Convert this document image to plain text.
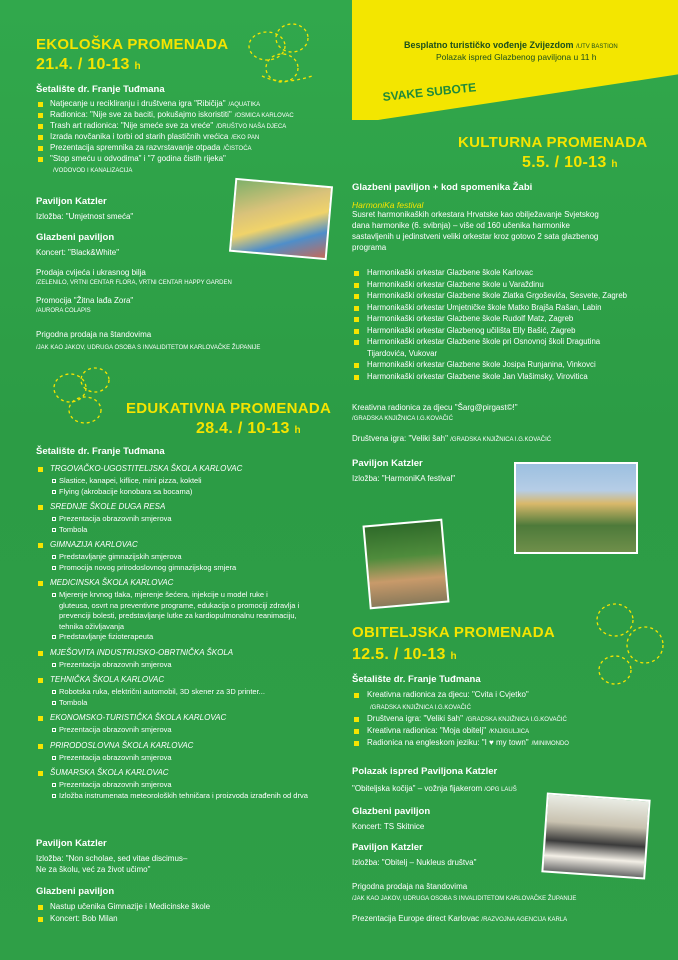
Besplatno turističko vođenje Zvijezdom /UTV BASTION
Polazak ispred Glazbenog paviljona u 11 h
SVAKE SUBOTE
EKOLOŠKA PROMENADA
21.4. / 10-13 h
Šetalište dr. Franje Tuđmana
Natjecanje u recikliranju i društvena igra "Ribičija" /AQUATIKA
Radionica: "Nije sve za baciti, pokušajmo iskoristiti" /OSMICA KARLOVAC
Trash art radionica: "Nije smeće sve za vreće" /DRUŠTVO NAŠA DJECA
Izrada novčanika i torbi od starih plastičnih vrećica /EKO PAN
Prezentacija spremnika za razvrstavanje otpada /ČISTOĆA
"Stop smeću u odvodima" i "7 godina čistih rijeka"
/VODOVOD I KANALIZACIJA
Paviljon Katzler
Izložba: "Umjetnost smeća"
Glazbeni paviljon
Koncert: "Black&White"
Prodaja cvijeća i ukrasnog bilja
/ZELENILO, VRTNI CENTAR FLORA, VRTNI CENTAR HAPPY GARDEN
Promocija "Žitna lađa Zora"
/AURORA COLAPIS
Prigodna prodaja na štandovima
/JAK KAO JAKOV, UDRUGA OSOBA S INVALIDITETOM KARLOVAČKE ŽUPANIJE
EDUKATIVNA PROMENADA
28.4. / 10-13 h
Šetalište dr. Franje Tuđmana
TRGOVAČKO-UGOSTITELJSKA ŠKOLA KARLOVAC
Slastice, kanapei, kiflice, mini pizza, kokteli
Flying (akrobacije konobara sa bocama)
SREDNJE ŠKOLE DUGA RESA
Prezentacija obrazovnih smjerova
Tombola
GIMNAZIJA KARLOVAC
Predstavljanje gimnazijskih smjerova
Promocija novog prirodoslovnog gimnazijskog smjera
MEDICINSKA ŠKOLA KARLOVAC
Mjerenje krvnog tlaka, mjerenje šećera, injekcije u model ruke i
gluteusa, osvrt na preventivne programe, edukacija o promociji zdravlja i
prevenciji bolesti, predstavljanje lutke za kardiopulmonalnu reanimaciju,
tehnika oživljavanja
Predstavljanje fizioterapeuta
MJEŠOVITA INDUSTRIJSKO-OBRTNIČKA ŠKOLA
Prezentacija obrazovnih smjerova
TEHNIČKA ŠKOLA KARLOVAC
Robotska ruka, električni automobil, 3D skener za 3D printer...
Tombola
EKONOMSKO-TURISTIČKA ŠKOLA KARLOVAC
Prezentacija obrazovnih smjerova
PRIRODOSLOVNA ŠKOLA KARLOVAC
Prezentacija obrazovnih smjerova
ŠUMARSKA ŠKOLA KARLOVAC
Prezentacija obrazovnih smjerova
Izložba instrumenata meteoroloških tehničara i proizvoda izrađenih od drva
Paviljon Katzler
Izložba: "Non scholae, sed vitae discimus–
Ne za školu, već za život učimo"
Glazbeni paviljon
Nastup učenika Gimnazije i Medicinske škole
Koncert: Bob Milan
KULTURNA PROMENADA
5.5. / 10-13 h
Glazbeni paviljon + kod spomenika Žabi
HarmoniKa festival
Susret harmonikaških orkestara Hrvatske kao obilježavanje Svjetskog
dana harmonike (6. svibnja) – više od 160 učenika harmonike
sastavljenih u jedinstveni veliki orkestar kroz gotovo 2 sata glazbenog
programa
Harmonikaški orkestar Glazbene škole Karlovac
Harmonikaški orkestar Glazbene škole u Varaždinu
Harmonikaški orkestar Glazbene škole Zlatka Grgoševića, Sesvete, Zagreb
Harmonikaški orkestar Umjetničke škole Matko Brajša Rašan, Labin
Harmonikaški orkestar Glazbene škole Rudolf Matz, Zagreb
Harmonikaški orkestar Glazbenog učilišta Elly Bašić, Zagreb
Harmonikaški orkestar Glazbene škole pri Osnovnoj školi Dragutina
Tijardovića, Vukovar
Harmonikaški orkestar Glazbene škole Josipa Runjanina, Vinkovci
Harmonikaški orkestar Glazbene škole Jan Vlašimsky, Virovitica
Kreativna radionica za djecu "Šarg@pirgast©!"
/GRADSKA KNJIŽNICA I.G.KOVAČIĆ
Društvena igra: "Veliki šah" /GRADSKA KNJIŽNICA I.G.KOVAČIĆ
Paviljon Katzler
Izložba: "HarmoniKA festival"
OBITELJSKA PROMENADA
12.5. / 10-13 h
Šetalište dr. Franje Tuđmana
Kreativna radionica za djecu: "Cvita i Cvjetko"
/GRADSKA KNJIŽNICA I.G.KOVAČIĆ
Društvena igra: "Veliki šah" /GRADSKA KNJIŽNICA I.G.KOVAČIĆ
Kreativna radionica: "Moja obitelj" /KNJIGULJICA
Radionica na engleskom jeziku: "I ♥ my town" /MINIMONDO
Polazak ispred Paviljona Katzler
"Obiteljska kočija" – vožnja fijakerom /OPG LAUŠ
Glazbeni paviljon
Koncert: TS Skitnice
Paviljon Katzler
Izložba: "Obitelj – Nukleus društva"
Prigodna prodaja na štandovima
/JAK KAO JAKOV, UDRUGA OSOBA S INVALIDITETOM KARLOVAČKE ŽUPANIJE
Prezentacija Europe direct Karlovac /RAZVOJNA AGENCIJA KARLA
